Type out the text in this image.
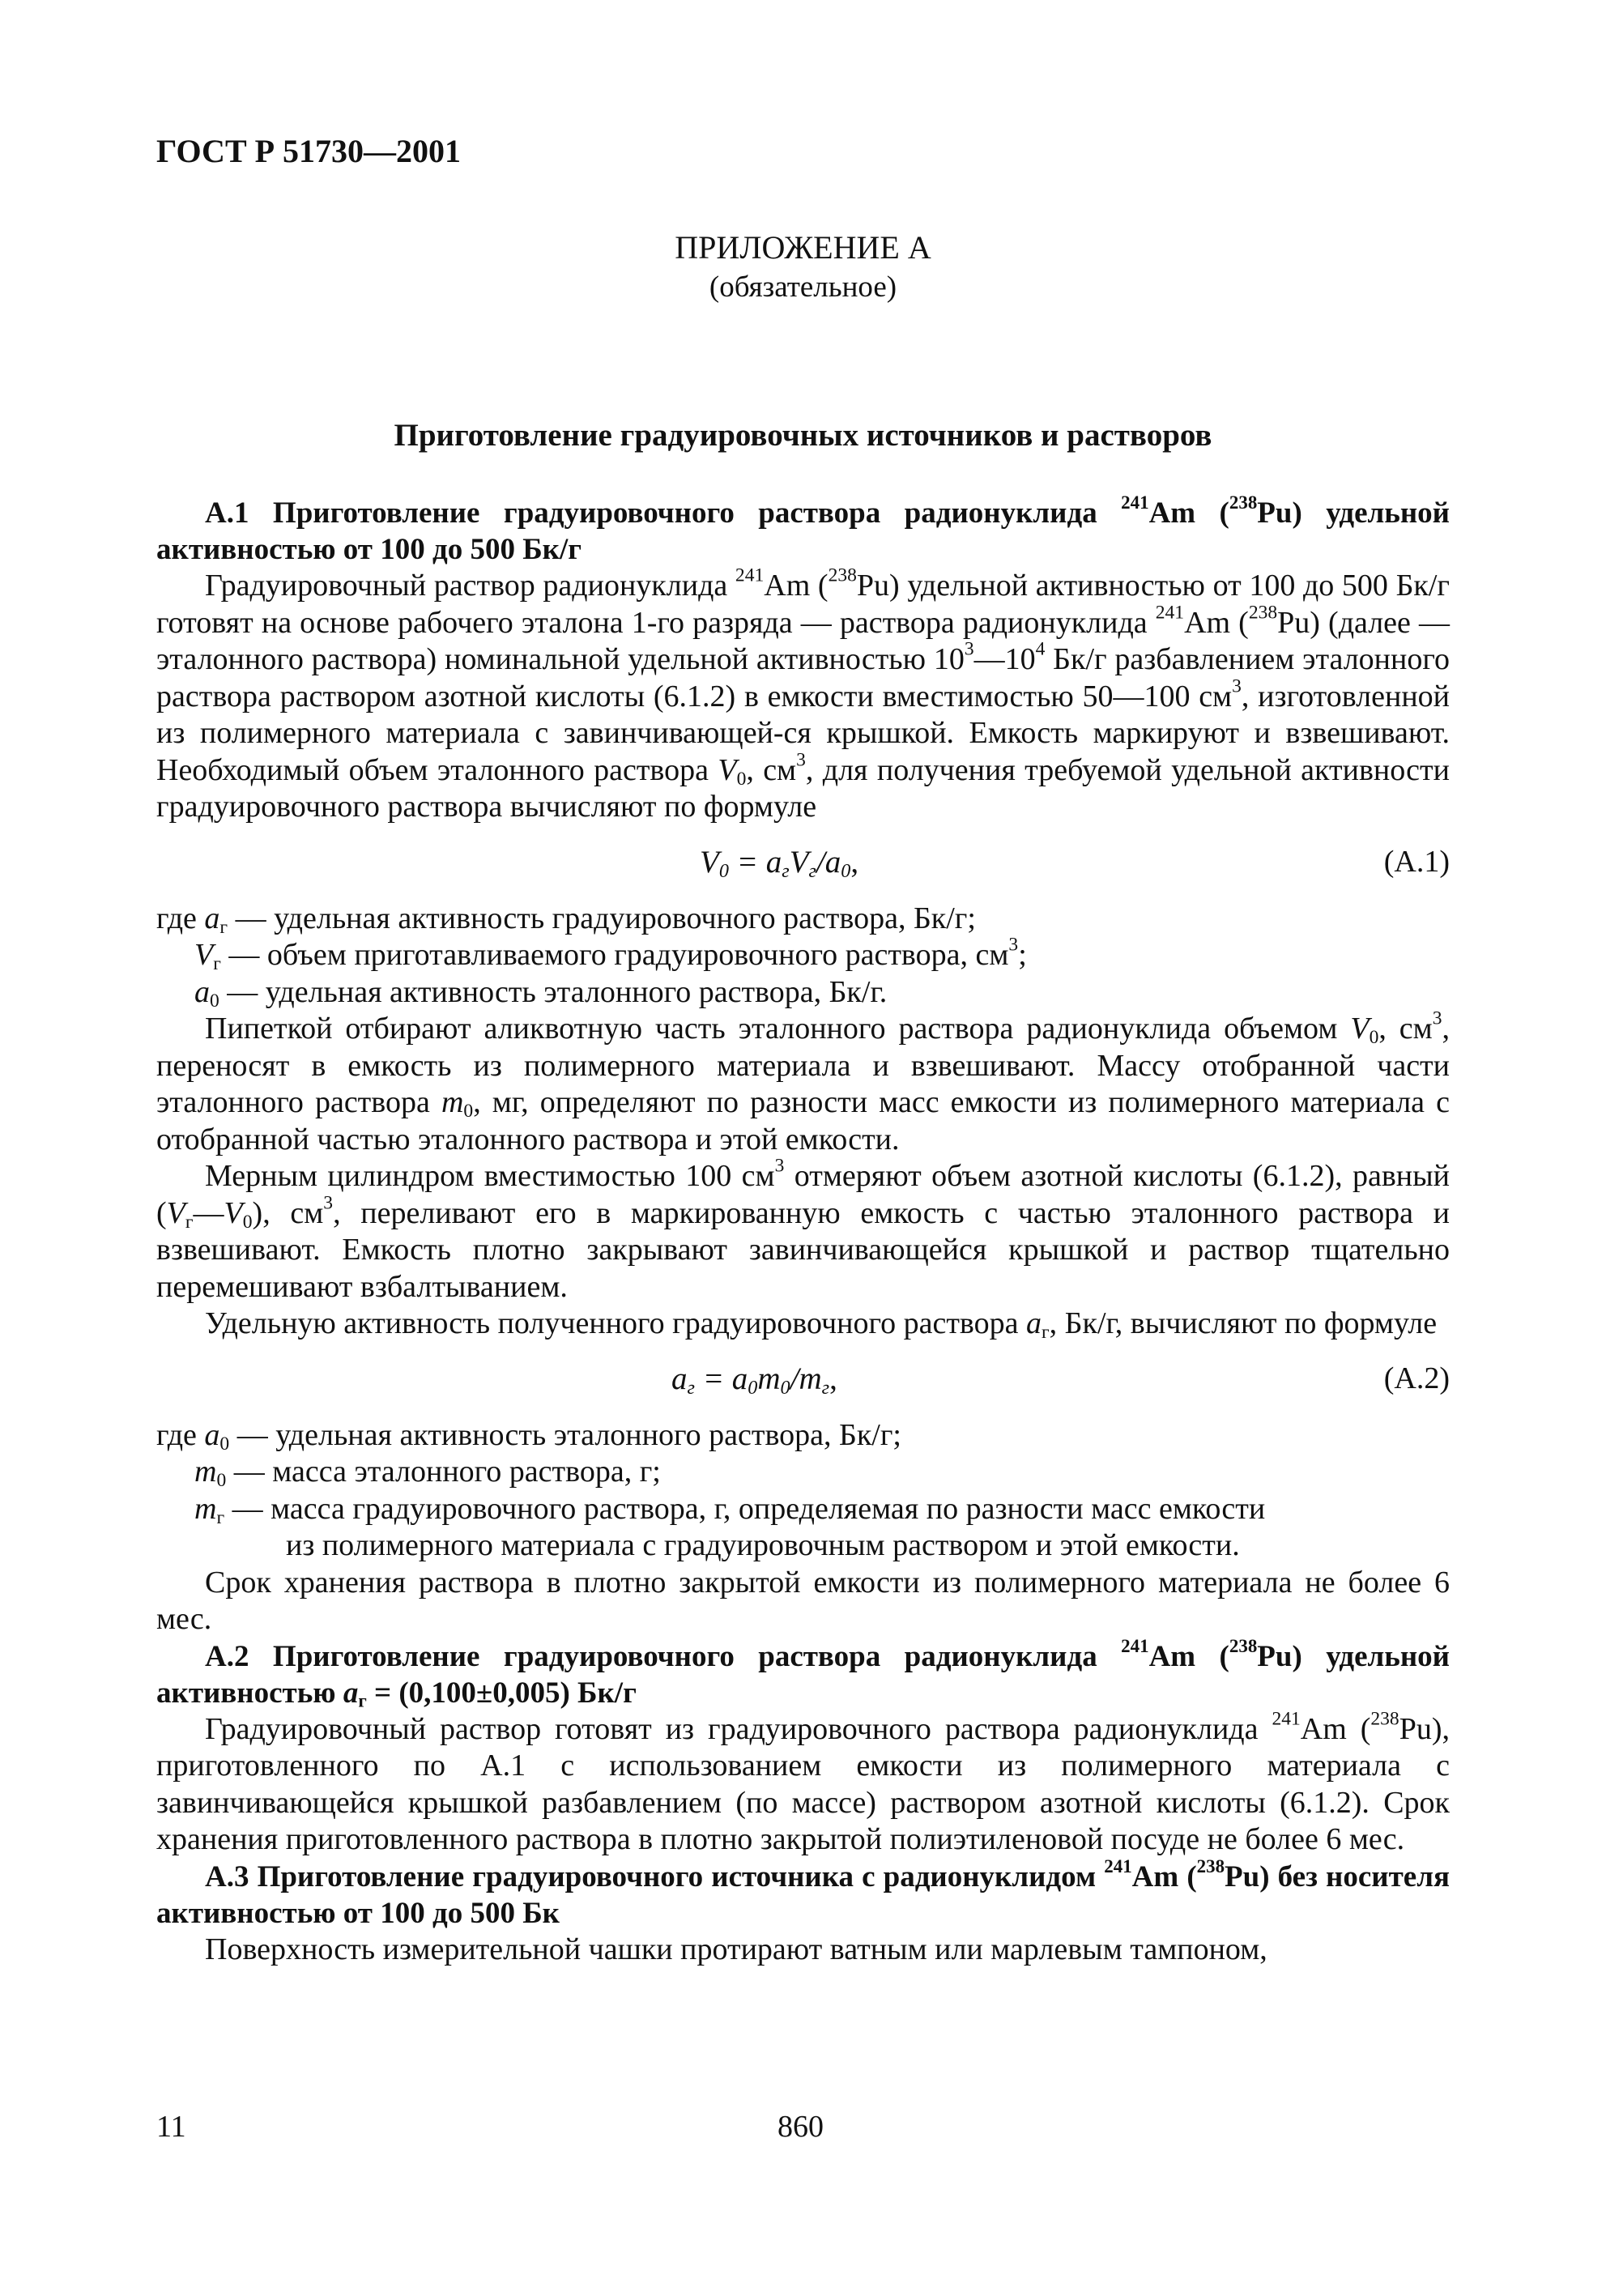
ГОСТ Р 51730—2001
ПРИЛОЖЕНИЕ А
(обязательное)
Приготовление градуировочных источников и растворов

А.1 Приготовление градуировочного раствора радионуклида $^{241}$Am ($^{238}$Pu) удельной активностью от 100 до 500 Бк/г

Градуировочный раствор радионуклида $^{241}$Am ($^{238}$Pu) удельной активностью от 100 до 500 Бк/г готовят на основе рабочего эталона 1-го разряда — раствора радионуклида $^{241}$Am ($^{238}$Pu) (далее — эталонного раствора) номинальной удельной активностью $10^3—10^4$ Бк/г разбавлением эталонного раствора раствором азотной кислоты (6.1.2) в емкости вместимостью 50—100 $см^3$, изготовленной из полимерного материала с завинчивающей-ся крышкой. Емкость маркируют и взвешивают. Необходимый объем эталонного раствора $V_0$, $см^3$, для получения требуемой удельной активности градуировочного раствора вычисляют по формуле

$V_0 = a_гV_г/a_0$,	(А.1)
где $a_г$ — удельная активность градуировочного раствора, Бк/г;
$V_г$ — объем приготавливаемого градуировочного раствора, $см^3$;
$a_0$ — удельная активность эталонного раствора, Бк/г.

Пипеткой отбирают аликвотную часть эталонного раствора радионуклида объемом $V_0$, $см^3$, переносят в емкость из полимерного материала и взвешивают. Массу отобранной части эталонного раствора $m_0$, мг, определяют по разности масс емкости из полимерного материала с отобранной частью эталонного раствора и этой емкости.

Мерным цилиндром вместимостью 100 $см^3$ отмеряют объем азотной кислоты (6.1.2), равный $(V_г—V_0)$, $см^3$, переливают его в маркированную емкость с частью эталонного раствора и взвешивают. Емкость плотно закрывают завинчивающейся крышкой и раствор тщательно перемешивают взбалтыванием.

Удельную активность полученного градуировочного раствора $a_г$, Бк/г, вычисляют по формуле

$a_г = a_0m_0/m_г$,	(А.2)
где $a_0$ — удельная активность эталонного раствора, Бк/г;
$m_0$ — масса эталонного раствора, г;
$m_г$ — масса градуировочного раствора, г, определяемая по разности масс емкости
из полимерного материала с градуировочным раствором и этой емкости.

Срок хранения раствора в плотно закрытой емкости из полимерного материала не более 6 мес.

А.2 Приготовление градуировочного раствора радионуклида $^{241}$Am ($^{238}$Pu) удельной активностью $a_г = (0,100\pm 0,005)$ Бк/г

Градуировочный раствор готовят из градуировочного раствора радионуклида $^{241}$Am ($^{238}$Pu), приготовленного по А.1 с использованием емкости из полимерного материала с завинчивающейся крышкой разбавлением (по массе) раствором азотной кислоты (6.1.2). Срок хранения приготовленного раствора в плотно закрытой полиэтиленовой посуде не более 6 мес.

А.3 Приготовление градуировочного источника с радионуклидом $^{241}$Am ($^{238}$Pu) без носителя активностью от 100 до 500 Бк

Поверхность измерительной чашки протирают ватным или марлевым тампоном,

11	860
